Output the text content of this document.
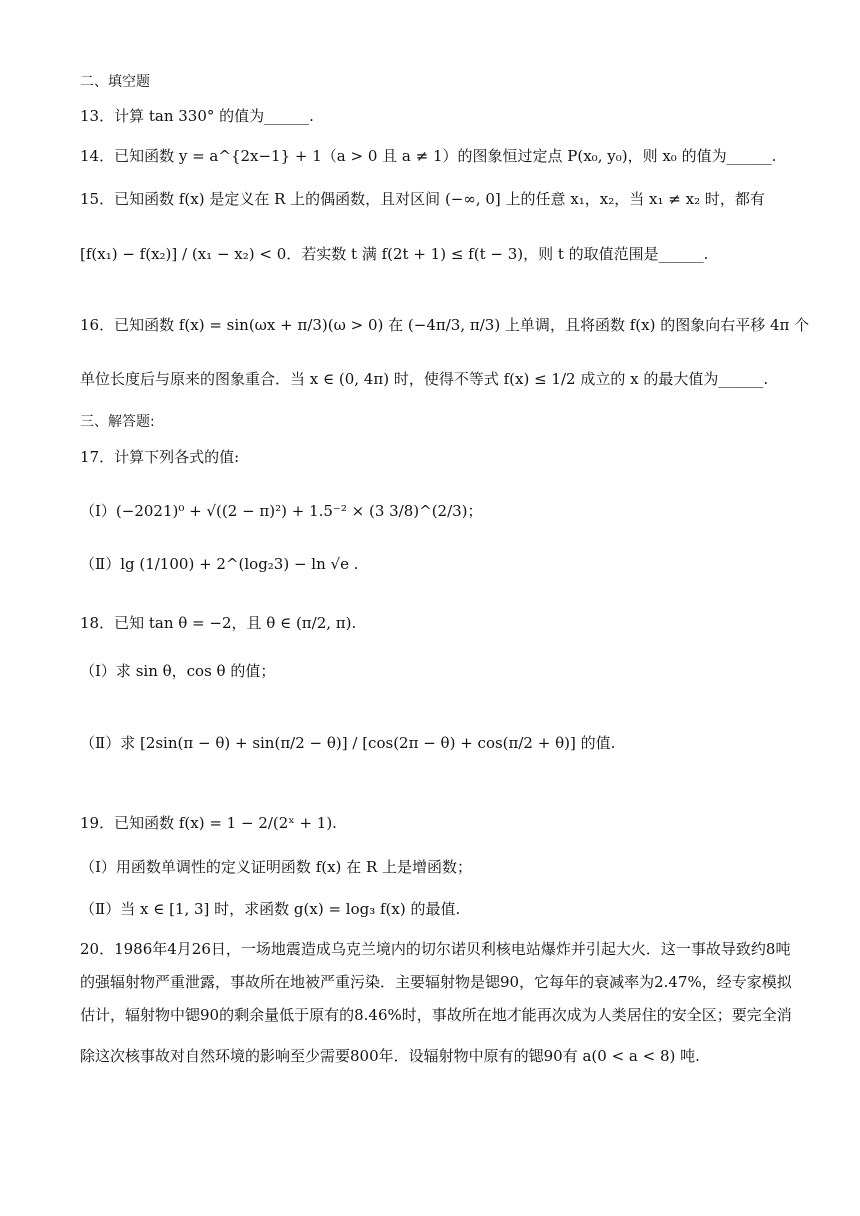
二、填空题
13．计算 tan 330° 的值为______.
14．已知函数 y = a^{2x−1} + 1（a > 0 且 a ≠ 1）的图象恒过定点 P(x₀, y₀)，则 x₀ 的值为______.
15．已知函数 f(x) 是定义在 R 上的偶函数，且对区间 (−∞, 0] 上的任意 x₁，x₂，当 x₁ ≠ x₂ 时，都有
[f(x₁) − f(x₂)] / (x₁ − x₂) < 0．若实数 t 满 f(2t + 1) ≤ f(t − 3)，则 t 的取值范围是______.
16．已知函数 f(x) = sin(ωx + π/3)(ω > 0) 在 (−4π/3, π/3) 上单调，且将函数 f(x) 的图象向右平移 4π 个
单位长度后与原来的图象重合．当 x ∈ (0, 4π) 时，使得不等式 f(x) ≤ 1/2 成立的 x 的最大值为______.
三、解答题:
17．计算下列各式的值:
（Ⅰ）(−2021)⁰ + √((2 − π)²) + 1.5⁻² × (3 3/8)^(2/3)；
（Ⅱ）lg (1/100) + 2^(log₂3) − ln √e .
18．已知 tan θ = −2，且 θ ∈ (π/2, π).
（Ⅰ）求 sin θ，cos θ 的值；
（Ⅱ）求 [2sin(π − θ) + sin(π/2 − θ)] / [cos(2π − θ) + cos(π/2 + θ)] 的值.
19．已知函数 f(x) = 1 − 2/(2ˣ + 1).
（Ⅰ）用函数单调性的定义证明函数 f(x) 在 R 上是增函数；
（Ⅱ）当 x ∈ [1, 3] 时，求函数 g(x) = log₃ f(x) 的最值.
20．1986年4月26日，一场地震造成乌克兰境内的切尔诺贝利核电站爆炸并引起大火．这一事故导致约8吨
的强辐射物严重泄露，事故所在地被严重污染．主要辐射物是锶90，它每年的衰减率为2.47%，经专家模拟
估计，辐射物中锶90的剩余量低于原有的8.46%时，事故所在地才能再次成为人类居住的安全区；要完全消
除这次核事故对自然环境的影响至少需要800年．设辐射物中原有的锶90有 a(0 < a < 8) 吨.
